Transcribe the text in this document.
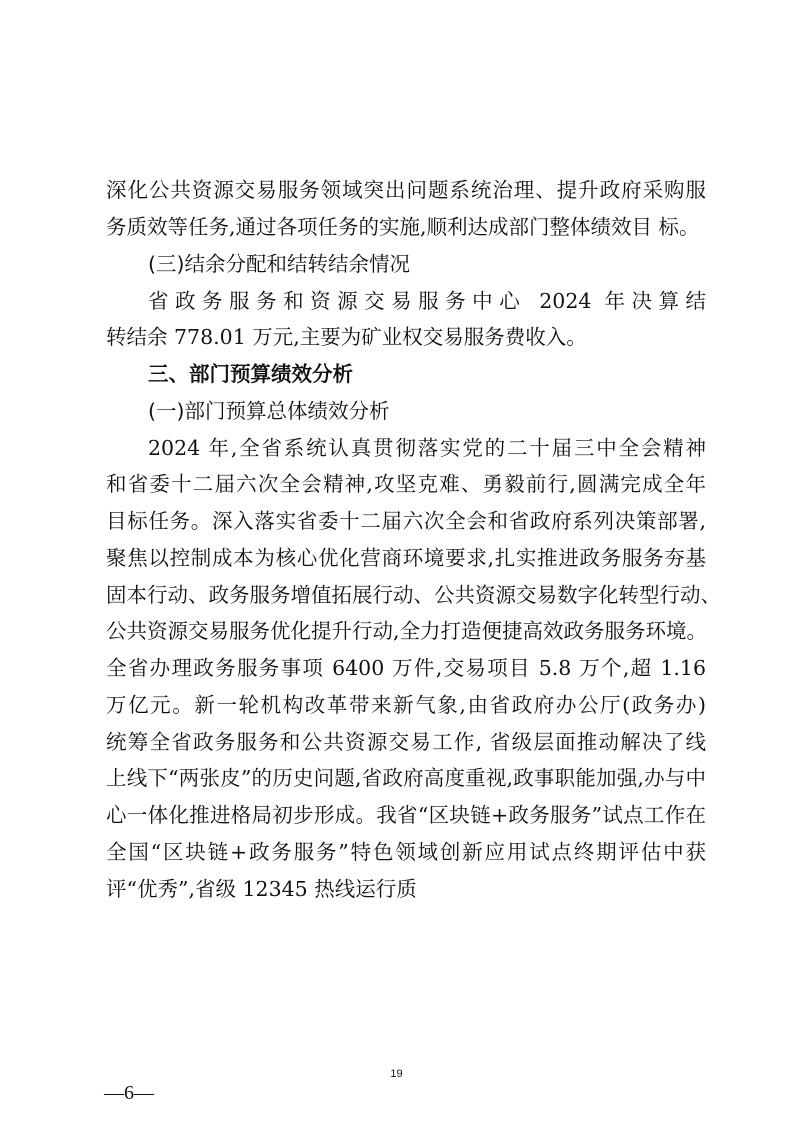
深化公共资源交易服务领域突出问题系统治理、提升政府采购服
务质效等任务,通过各项任务的实施,顺利达成部门整体绩效目 标。
(三)结余分配和结转结余情况
省政务服务和资源交易服务中心 2024 年决算结
转结余 778.01 万元,主要为矿业权交易服务费收入。
三、部门预算绩效分析
(一)部门预算总体绩效分析
2024 年,全省系统认真贯彻落实党的二十届三中全会精神
和省委十二届六次全会精神,攻坚克难、勇毅前行,圆满完成全年
目标任务。深入落实省委十二届六次全会和省政府系列决策部署,
聚焦以控制成本为核心优化营商环境要求,扎实推进政务服务夯基
固本行动、政务服务增值拓展行动、公共资源交易数字化转型行动、
公共资源交易服务优化提升行动,全力打造便捷高效政务服务环境。
全省办理政务服务事项 6400 万件,交易项目 5.8 万个,超 1.16
万亿元。新一轮机构改革带来新气象,由省政府办公厅(政务办)
统筹全省政务服务和公共资源交易工作, 省级层面推动解决了线
上线下“两张皮”的历史问题,省政府高度重视,政事职能加强,办与中
心一体化推进格局初步形成。我省“区块链+政务服务”试点工作在
全国“区块链+政务服务”特色领域创新应用试点终期评估中获
评“优秀”,省级 12345 热线运行质
19
—6—
